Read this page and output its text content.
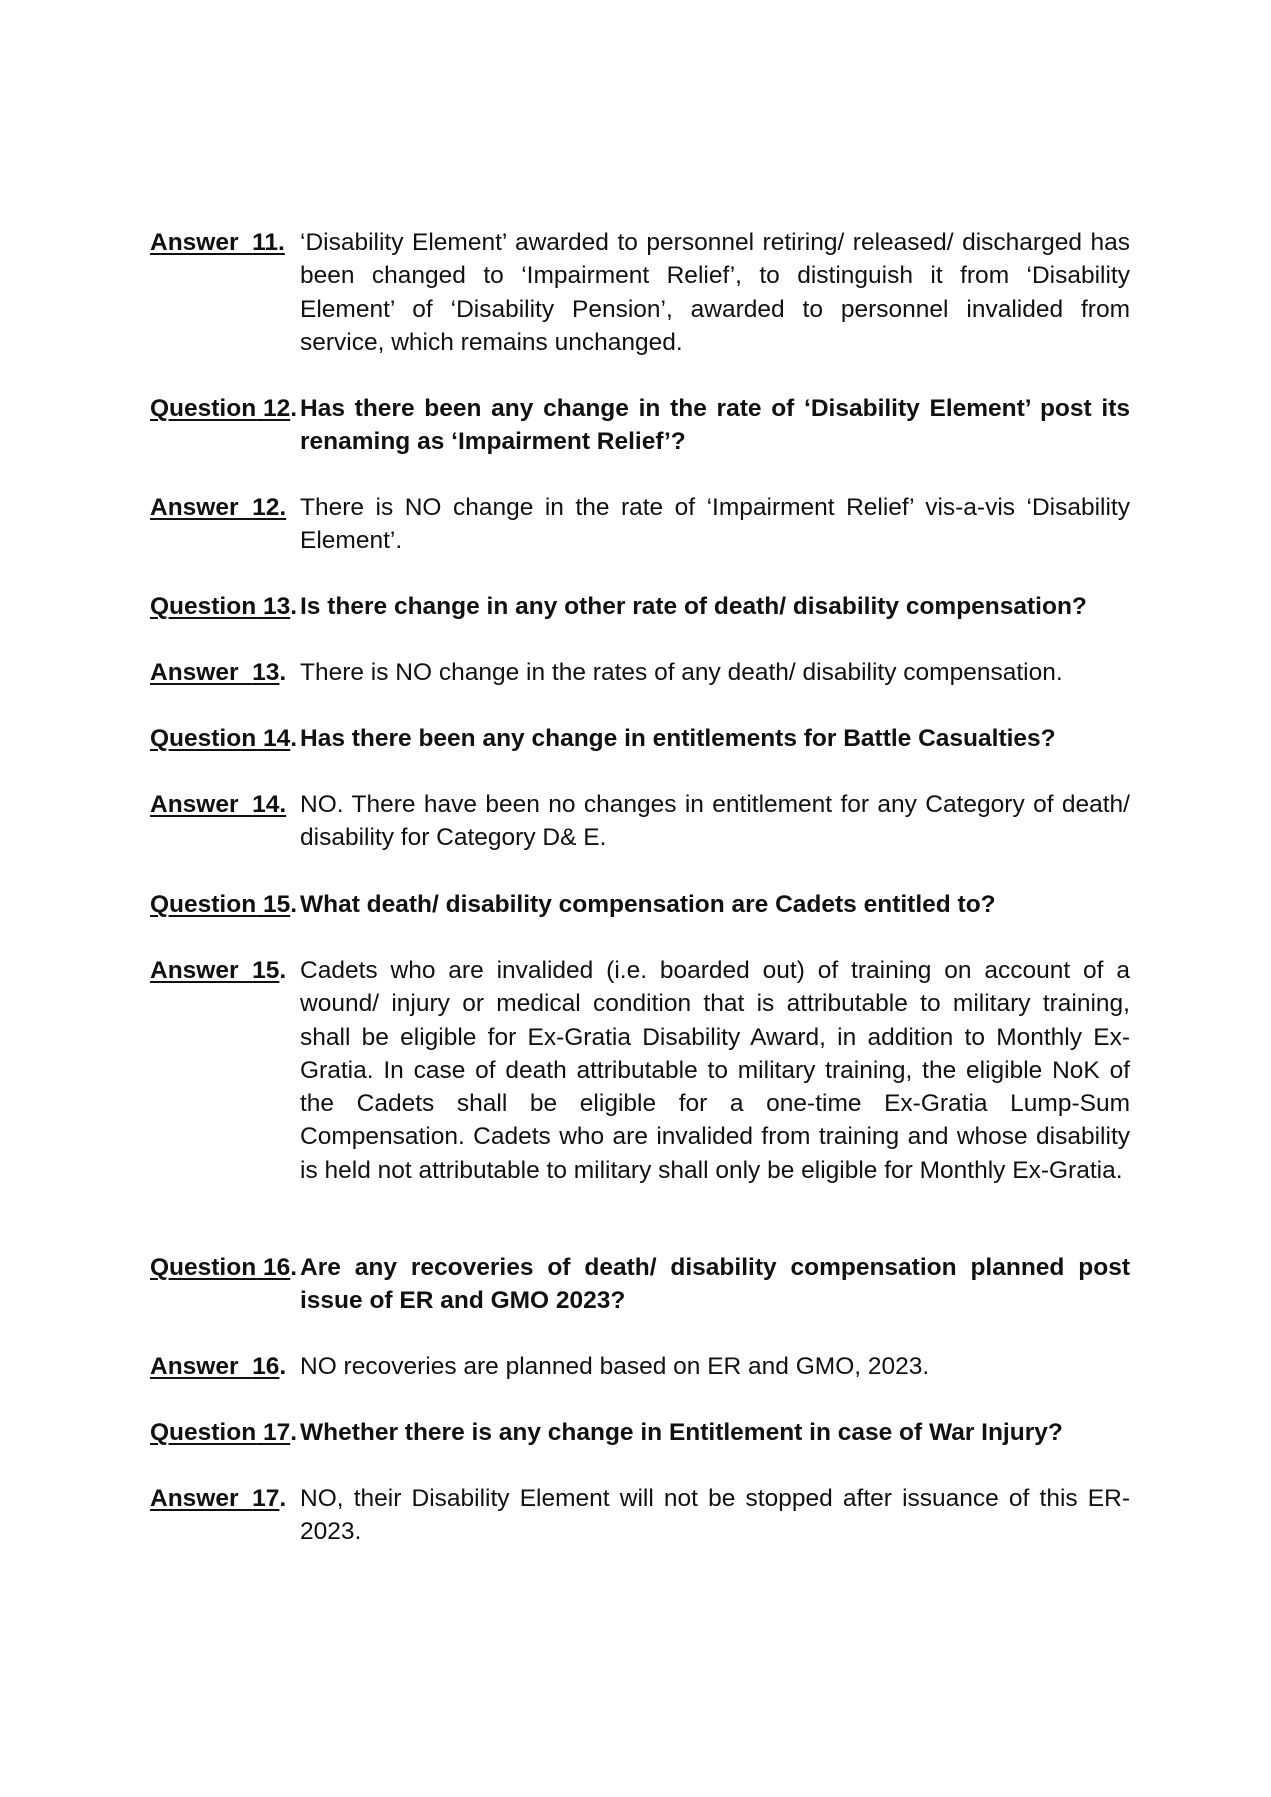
Answer 11. ‘Disability Element’ awarded to personnel retiring/ released/ discharged has been changed to ‘Impairment Relief’, to distinguish it from ‘Disability Element’ of ‘Disability Pension’, awarded to personnel invalided from service, which remains unchanged.
Question 12. Has there been any change in the rate of ‘Disability Element’ post its renaming as ‘Impairment Relief’?
Answer 12. There is NO change in the rate of ‘Impairment Relief’ vis-a-vis ‘Disability Element’.
Question 13. Is there change in any other rate of death/ disability compensation?
Answer 13. There is NO change in the rates of any death/ disability compensation.
Question 14. Has there been any change in entitlements for Battle Casualties?
Answer 14. NO. There have been no changes in entitlement for any Category of death/ disability for Category D& E.
Question 15. What death/ disability compensation are Cadets entitled to?
Answer 15. Cadets who are invalided (i.e. boarded out) of training on account of a wound/ injury or medical condition that is attributable to military training, shall be eligible for Ex-Gratia Disability Award, in addition to Monthly Ex-Gratia. In case of death attributable to military training, the eligible NoK of the Cadets shall be eligible for a one-time Ex-Gratia Lump-Sum Compensation. Cadets who are invalided from training and whose disability is held not attributable to military shall only be eligible for Monthly Ex-Gratia.
Question 16. Are any recoveries of death/ disability compensation planned post issue of ER and GMO 2023?
Answer 16. NO recoveries are planned based on ER and GMO, 2023.
Question 17. Whether there is any change in Entitlement in case of War Injury?
Answer 17. NO, their Disability Element will not be stopped after issuance of this ER-2023.
